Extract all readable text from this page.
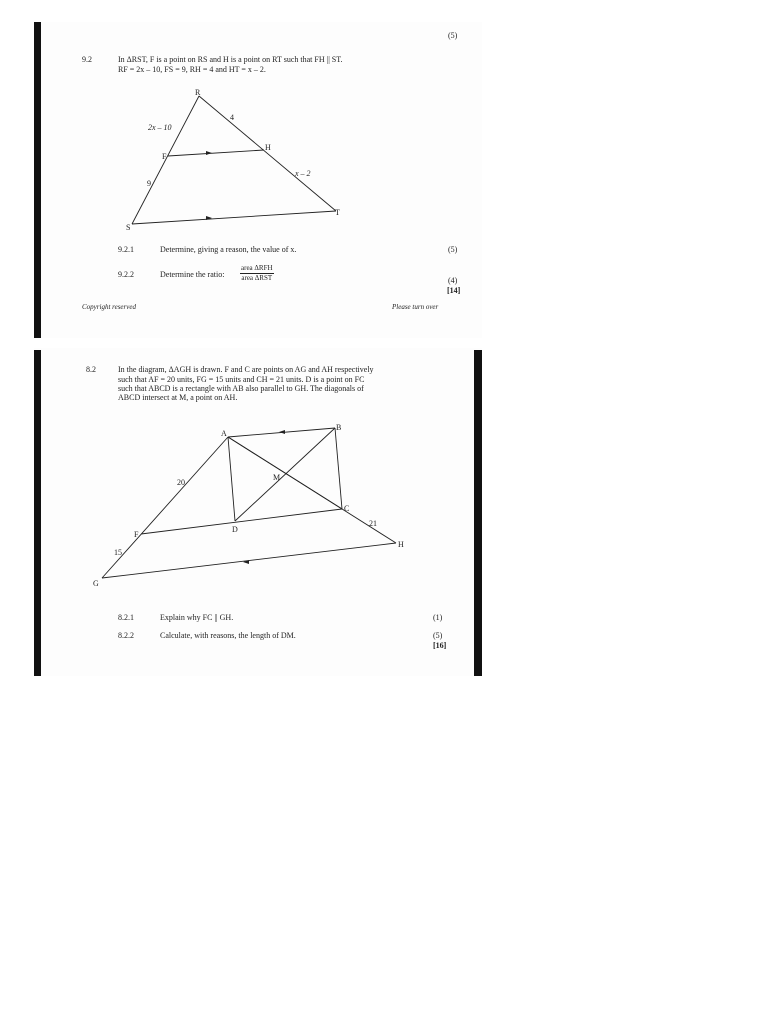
(5)
9.2	In ΔRST, F is a point on RS and H is a point on RT such that FH || ST.
RF = 2x – 10, FS = 9, RH = 4 and HT = x – 2.
R
S
T
F
H
2x – 10
9
4
x – 2
9.2.1	Determine, giving a reason, the value of x.	(5)
9.2.2	Determine the ratio:
area ΔRFH
area ΔRST	(4)
[14]
Copyright reserved	Please turn over
8.2	In the diagram, ΔAGH is drawn. F and C are points on AG and AH respectively
such that AF = 20 units, FG = 15 units and CH = 21 units. D is a point on FC
such that ABCD is a rectangle with AB also parallel to GH. The diagonals of
ABCD intersect at M, a point on AH.
A
B
C
D
M
F
G
H
20
15
21
8.2.1	Explain why FC || GH.	(1)
8.2.2	Calculate, with reasons, the length of DM.	(5)
[16]
